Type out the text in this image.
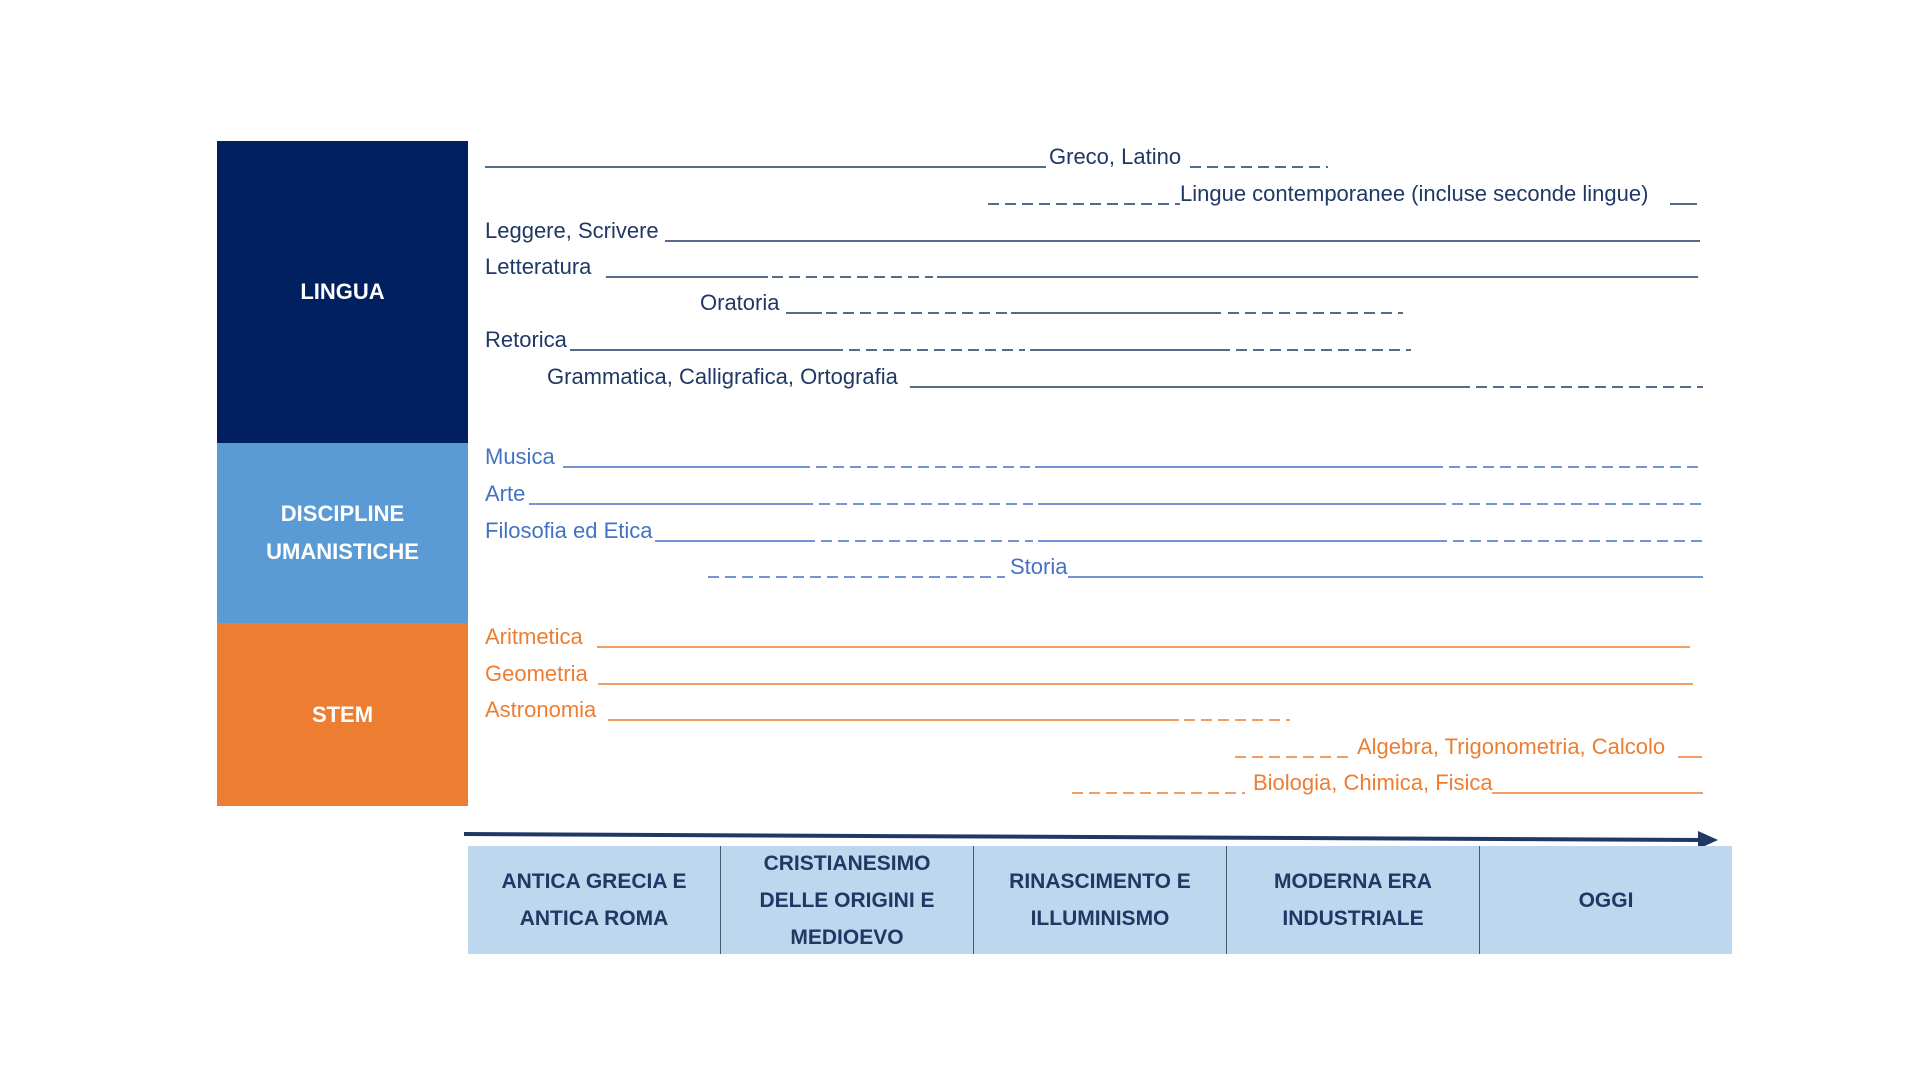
LINGUA
DISCIPLINE
UMANISTICHE
STEM
Greco, Latino
Lingue contemporanee (incluse seconde lingue)
Leggere, Scrivere
Letteratura
Oratoria
Retorica
Grammatica, Calligrafica, Ortografia
Musica
Arte
Filosofia ed Etica
Storia
Aritmetica
Geometria
Astronomia
Algebra, Trigonometria, Calcolo
Biologia, Chimica, Fisica
ANTICA GRECIA E
ANTICA ROMA
CRISTIANESIMO
DELLE ORIGINI E
MEDIOEVO
RINASCIMENTO E
ILLUMINISMO
MODERNA ERA
INDUSTRIALE
OGGI
